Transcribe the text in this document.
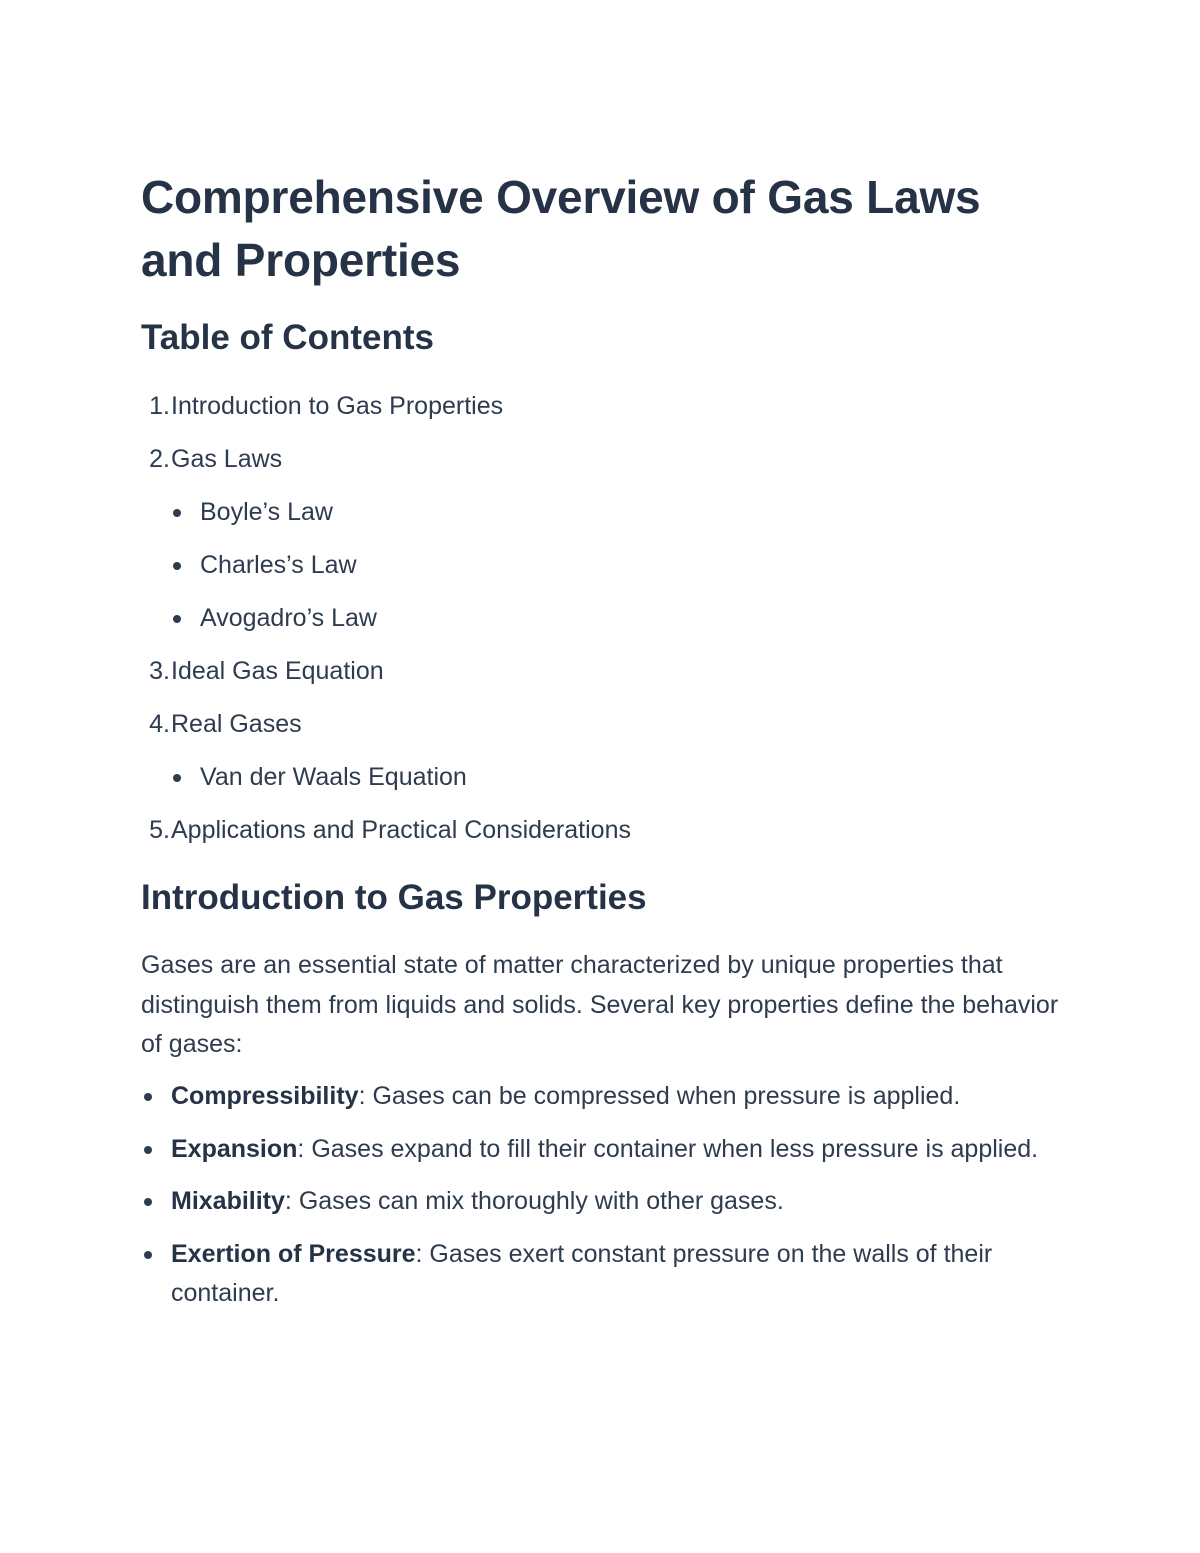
Comprehensive Overview of Gas Laws and Properties
Table of Contents
1. Introduction to Gas Properties
2. Gas Laws
Boyle’s Law
Charles’s Law
Avogadro’s Law
3. Ideal Gas Equation
4. Real Gases
Van der Waals Equation
5. Applications and Practical Considerations
Introduction to Gas Properties

Gases are an essential state of matter characterized by unique properties that distinguish them from liquids and solids. Several key properties define the behavior of gases:

Compressibility: Gases can be compressed when pressure is applied.
Expansion: Gases expand to fill their container when less pressure is applied.
Mixability: Gases can mix thoroughly with other gases.
Exertion of Pressure: Gases exert constant pressure on the walls of their container.
